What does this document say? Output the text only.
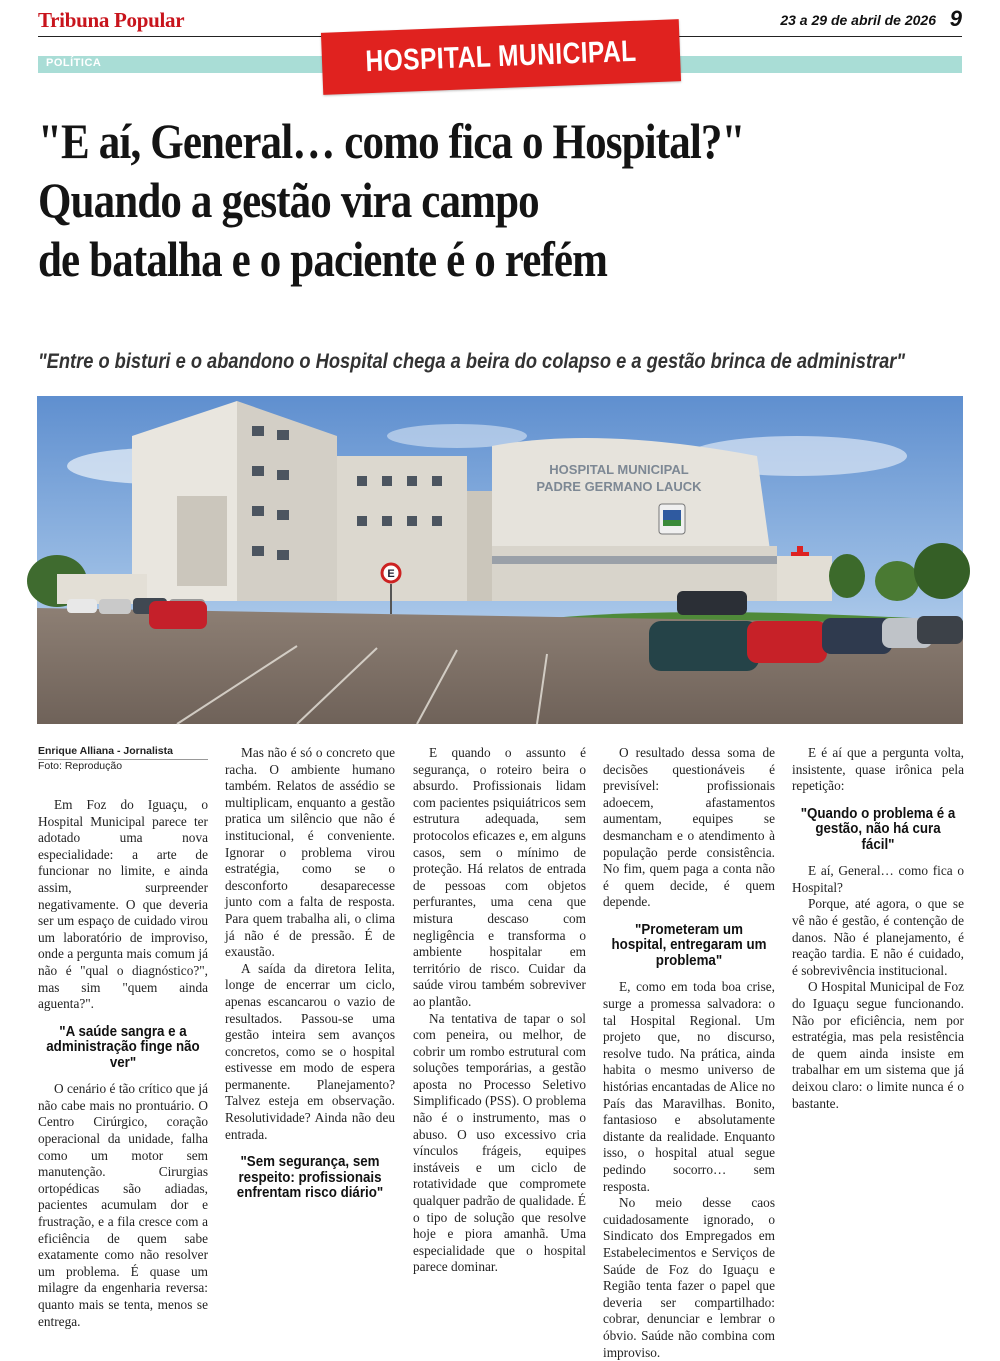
Tribuna Popular	23 a 29 de abril de 2026 9
POLÍTICA	HOSPITAL MUNICIPAL
"E aí, General… como fica o Hospital?"
Quando a gestão vira campo
de batalha e o paciente é o refém

"Entre o bisturi e o abandono o Hospital chega a beira do colapso e a gestão brinca de administrar"

HOSPITAL MUNICIPAL
PADRE GERMANO LAUCK
E
Enrique Alliana - Jornalista
Foto: Reprodução

Em Foz do Iguaçu, o Hospital Municipal parece ter adotado uma nova especialidade: a arte de funcionar no limite, e ainda assim, surpreender negativamente. O que deveria ser um espaço de cuidado virou um laboratório de improviso, onde a pergunta mais comum já não é "qual o diagnóstico?", mas sim "quem ainda aguenta?".

"A saúde sangra e a administração finge não ver"

O cenário é tão crítico que já não cabe mais no prontuário. O Centro Cirúrgico, coração operacional da unidade, falha como um motor sem manutenção. Cirurgias ortopédicas são adiadas, pacientes acumulam dor e frustração, e a fila cresce com a eficiência de quem sabe exatamente como não resolver um problema. É quase um milagre da engenharia reversa: quanto mais se tenta, menos se entrega.

Mas não é só o concreto que racha. O ambiente humano também. Relatos de assédio se multiplicam, enquanto a gestão pratica um silêncio que não é institucional, é conveniente. Ignorar o problema virou estratégia, como se o desconforto desaparecesse junto com a falta de resposta. Para quem trabalha ali, o clima já não é de pressão. É de exaustão.

A saída da diretora Ielita, longe de encerrar um ciclo, apenas escancarou o vazio de resultados. Passou-se uma gestão inteira sem avanços concretos, como se o hospital estivesse em modo de espera permanente. Planejamento? Talvez esteja em observação. Resolutividade? Ainda não deu entrada.

"Sem segurança, sem respeito: profissionais enfrentam risco diário"

E quando o assunto é segurança, o roteiro beira o absurdo. Profissionais lidam com pacientes psiquiátricos sem estrutura adequada, sem protocolos eficazes e, em alguns casos, sem o mínimo de proteção. Há relatos de entrada de pessoas com objetos perfurantes, uma cena que mistura descaso com negligência e transforma o ambiente hospitalar em território de risco. Cuidar da saúde virou também sobreviver ao plantão.

Na tentativa de tapar o sol com peneira, ou melhor, de cobrir um rombo estrutural com soluções temporárias, a gestão aposta no Processo Seletivo Simplificado (PSS). O problema não é o instrumento, mas o abuso. O uso excessivo cria vínculos frágeis, equipes instáveis e um ciclo de rotatividade que compromete qualquer padrão de qualidade. É o tipo de solução que resolve hoje e piora amanhã. Uma especialidade que o hospital parece dominar.

O resultado dessa soma de decisões questionáveis é previsível: profissionais adoecem, afastamentos aumentam, equipes se desmancham e o atendimento à população perde consistência. No fim, quem paga a conta não é quem decide, é quem depende.

"Prometeram um hospital, entregaram um problema"

E, como em toda boa crise, surge a promessa salvadora: o tal Hospital Regional. Um projeto que, no discurso, resolve tudo. Na prática, ainda habita o mesmo universo de histórias encantadas de Alice no País das Maravilhas. Bonito, fantasioso e absolutamente distante da realidade. Enquanto isso, o hospital atual segue pedindo socorro… sem resposta.

No meio desse caos cuidadosamente ignorado, o Sindicato dos Empregados em Estabelecimentos e Serviços de Saúde de Foz do Iguaçu e Região tenta fazer o papel que deveria ser compartilhado: cobrar, denunciar e lembrar o óbvio. Saúde não combina com improviso.

E é aí que a pergunta volta, insistente, quase irônica pela repetição:

"Quando o problema é a gestão, não há cura fácil"

E aí, General… como fica o Hospital?

Porque, até agora, o que se vê não é gestão, é contenção de danos. Não é planejamento, é reação tardia. E não é cuidado, é sobrevivência institucional.

O Hospital Municipal de Foz do Iguaçu segue funcionando. Não por eficiência, nem por estratégia, mas pela resistência de quem ainda insiste em trabalhar em um sistema que já deixou claro: o limite nunca é o bastante.
